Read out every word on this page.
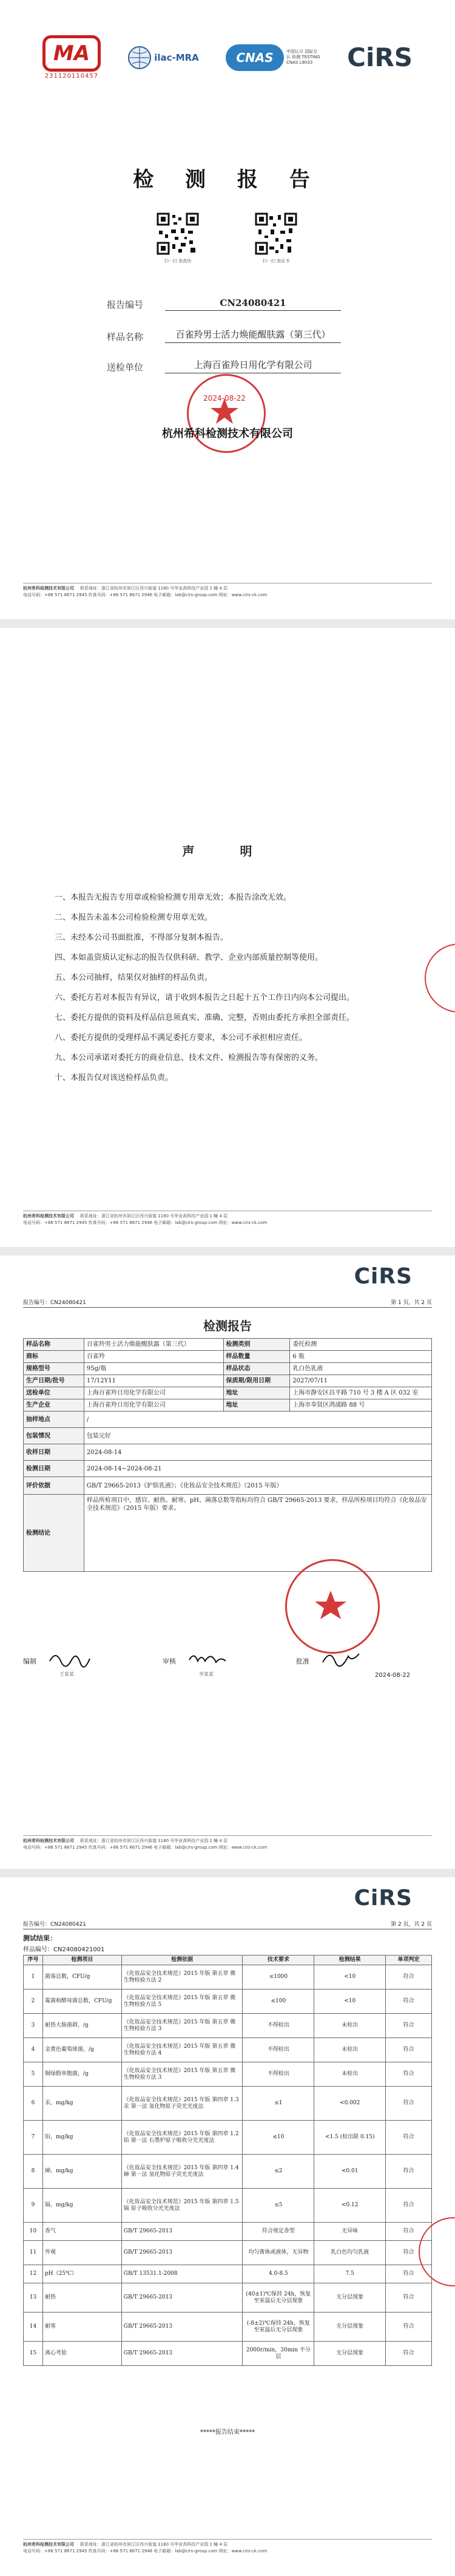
MA
231120110457
ilac-MRA	CNAS	中国认可 国际互认 检测 TESTING CNAS L9033	CiRS
检 测 报 告
扫一扫 查真伪	扫一扫 查证书
报告编号	CN24080421
样品名称	百雀羚男士活力焕能醒肤露（第三代）
送检单位	上海百雀羚日用化学有限公司
2024-08-22
杭州希科检测技术有限公司
杭州希科检测技术有限公司 联系地址：浙江省杭州市滨江区西兴街道 1180 号华业高科技产业园 1 幢 4 层
电话号码：+86 571 8671 2945 传真号码：+86 571 8671 2946 电子邮箱：lab@cirs-group.com 网址：www.cirs-ck.com
声 明
一、本报告无报告专用章或检验检测专用章无效；本报告涂改无效。
二、本报告未盖本公司检验检测专用章无效。
三、未经本公司书面批准，不得部分复制本报告。
四、本如盖资质认定标志的报告仅供科研、教学、企业内部质量控制等使用。
五、本公司抽样，结果仅对抽样的样品负责。
六、委托方若对本报告有异议，请于收到本报告之日起十五个工作日内向本公司提出。
七、委托方提供的资料及样品信息须真实、准确、完整，否则由委托方承担全部责任。
八、委托方提供的受理样品不满足委托方要求，本公司不承担相应责任。
九、本公司承诺对委托方的商业信息、技术文件、检测报告等有保密的义务。
十、本报告仅对该送检样品负责。
杭州希科检测技术有限公司 联系地址：浙江省杭州市滨江区西兴街道 1180 号华业高科技产业园 1 幢 4 层
电话号码：+86 571 8671 2945 传真号码：+86 571 8671 2946 电子邮箱：lab@cirs-group.com 网址：www.cirs-ck.com
CiRS
报告编号：CN24080421	第 1 页，共 2 页
检测报告
样品名称	百雀羚男士活力焕能醒肤露（第三代）	检测类别	委托检测
商标	百雀羚	样品数量	6 瓶
规格型号	95g/瓶	样品状态	乳白色乳液
生产日期/批号	17/12Y11	保质期/限用日期	2027/07/11
送检单位	上海百雀羚日用化学有限公司	地址	上海市静安区昌平路 710 号 3 楼 A 区 032 室
生产企业	上海百雀羚日用化学有限公司	地址	上海市奉贤区鸿浦路 88 号
抽样地点	/		
包装情况	包装完好		
收样日期	2024-08-14		
检测日期	2024-08-14~2024-08-21		
评价依据	GB/T 29665-2013《护肤乳液》；《化妆品安全技术规范》（2015 年版）		
检测结论	样品所检项目中，感官、耐热、耐寒、pH、菌落总数等指标均符合 GB/T 29665-2013 要求，样品所检项目均符合《化妆品安全技术规范》（2015 年版）要求。		
编制
王某某
审核
李某某
批准
2024-08-22
杭州希科检测技术有限公司 联系地址：浙江省杭州市滨江区西兴街道 1180 号华业高科技产业园 1 幢 4 层
电话号码：+86 571 8671 2945 传真号码：+86 571 8671 2946 电子邮箱：lab@cirs-group.com 网址：www.cirs-ck.com
CiRS
报告编号：CN24080421	第 2 页，共 2 页
测试结果：
样品编号：CN24080421001
序号	检测项目	检测依据	技术要求	检测结果	单项判定
1	菌落总数，CFU/g	《化妆品安全技术规范》2015 年版 第五章 微生物检验方法 2	≤1000	<10	符合
2	霉菌和酵母菌总数，CFU/g	《化妆品安全技术规范》2015 年版 第五章 微生物检验方法 5	≤100	<10	符合
3	耐热大肠菌群，/g	《化妆品安全技术规范》2015 年版 第五章 微生物检验方法 3	不得检出	未检出	符合
4	金黄色葡萄球菌，/g	《化妆品安全技术规范》2015 年版 第五章 微生物检验方法 4	不得检出	未检出	符合
5	铜绿假单胞菌，/g	《化妆品安全技术规范》2015 年版 第五章 微生物检验方法 3	不得检出	未检出	符合
6	汞，mg/kg	《化妆品安全技术规范》2015 年版 第四章 1.3 汞 第一法 氢化物原子荧光光度法	≤1	<0.002	符合
7	铅，mg/kg	《化妆品安全技术规范》2015 年版 第四章 1.2 铅 第一法 石墨炉原子吸收分光光度法	≤10	<1.5 (检出限 0.15)	符合
8	砷，mg/kg	《化妆品安全技术规范》2015 年版 第四章 1.4 砷 第一法 氢化物原子荧光光度法	≤2	<0.01	符合
9	镉，mg/kg	《化妆品安全技术规范》2015 年版 第四章 1.5 镉 原子吸收分光光度法	≤5	<0.12	符合
10	香气	GB/T 29665-2013	符合规定香型	无异味	符合
11	外观	GB/T 29665-2013	均匀膏体或液体，无异物	乳白色均匀乳液	符合
12	pH（25℃）	GB/T 13531.1-2008	4.0-8.5	7.5	符合
13	耐热	GB/T 29665-2013	(40±1)℃保持 24h，恢复至室温后无分层现象	无分层现象	符合
14	耐寒	GB/T 29665-2013	(-8±2)℃保持 24h，恢复至室温后无分层现象	无分层现象	符合
15	离心考验	GB/T 29665-2013	2000r/min，30min 不分层	无分层现象	符合
*****报告结束*****
杭州希科检测技术有限公司 联系地址：浙江省杭州市滨江区西兴街道 1180 号华业高科技产业园 1 幢 4 层
电话号码：+86 571 8671 2945 传真号码：+86 571 8671 2946 电子邮箱：lab@cirs-group.com 网址：www.cirs-ck.com
